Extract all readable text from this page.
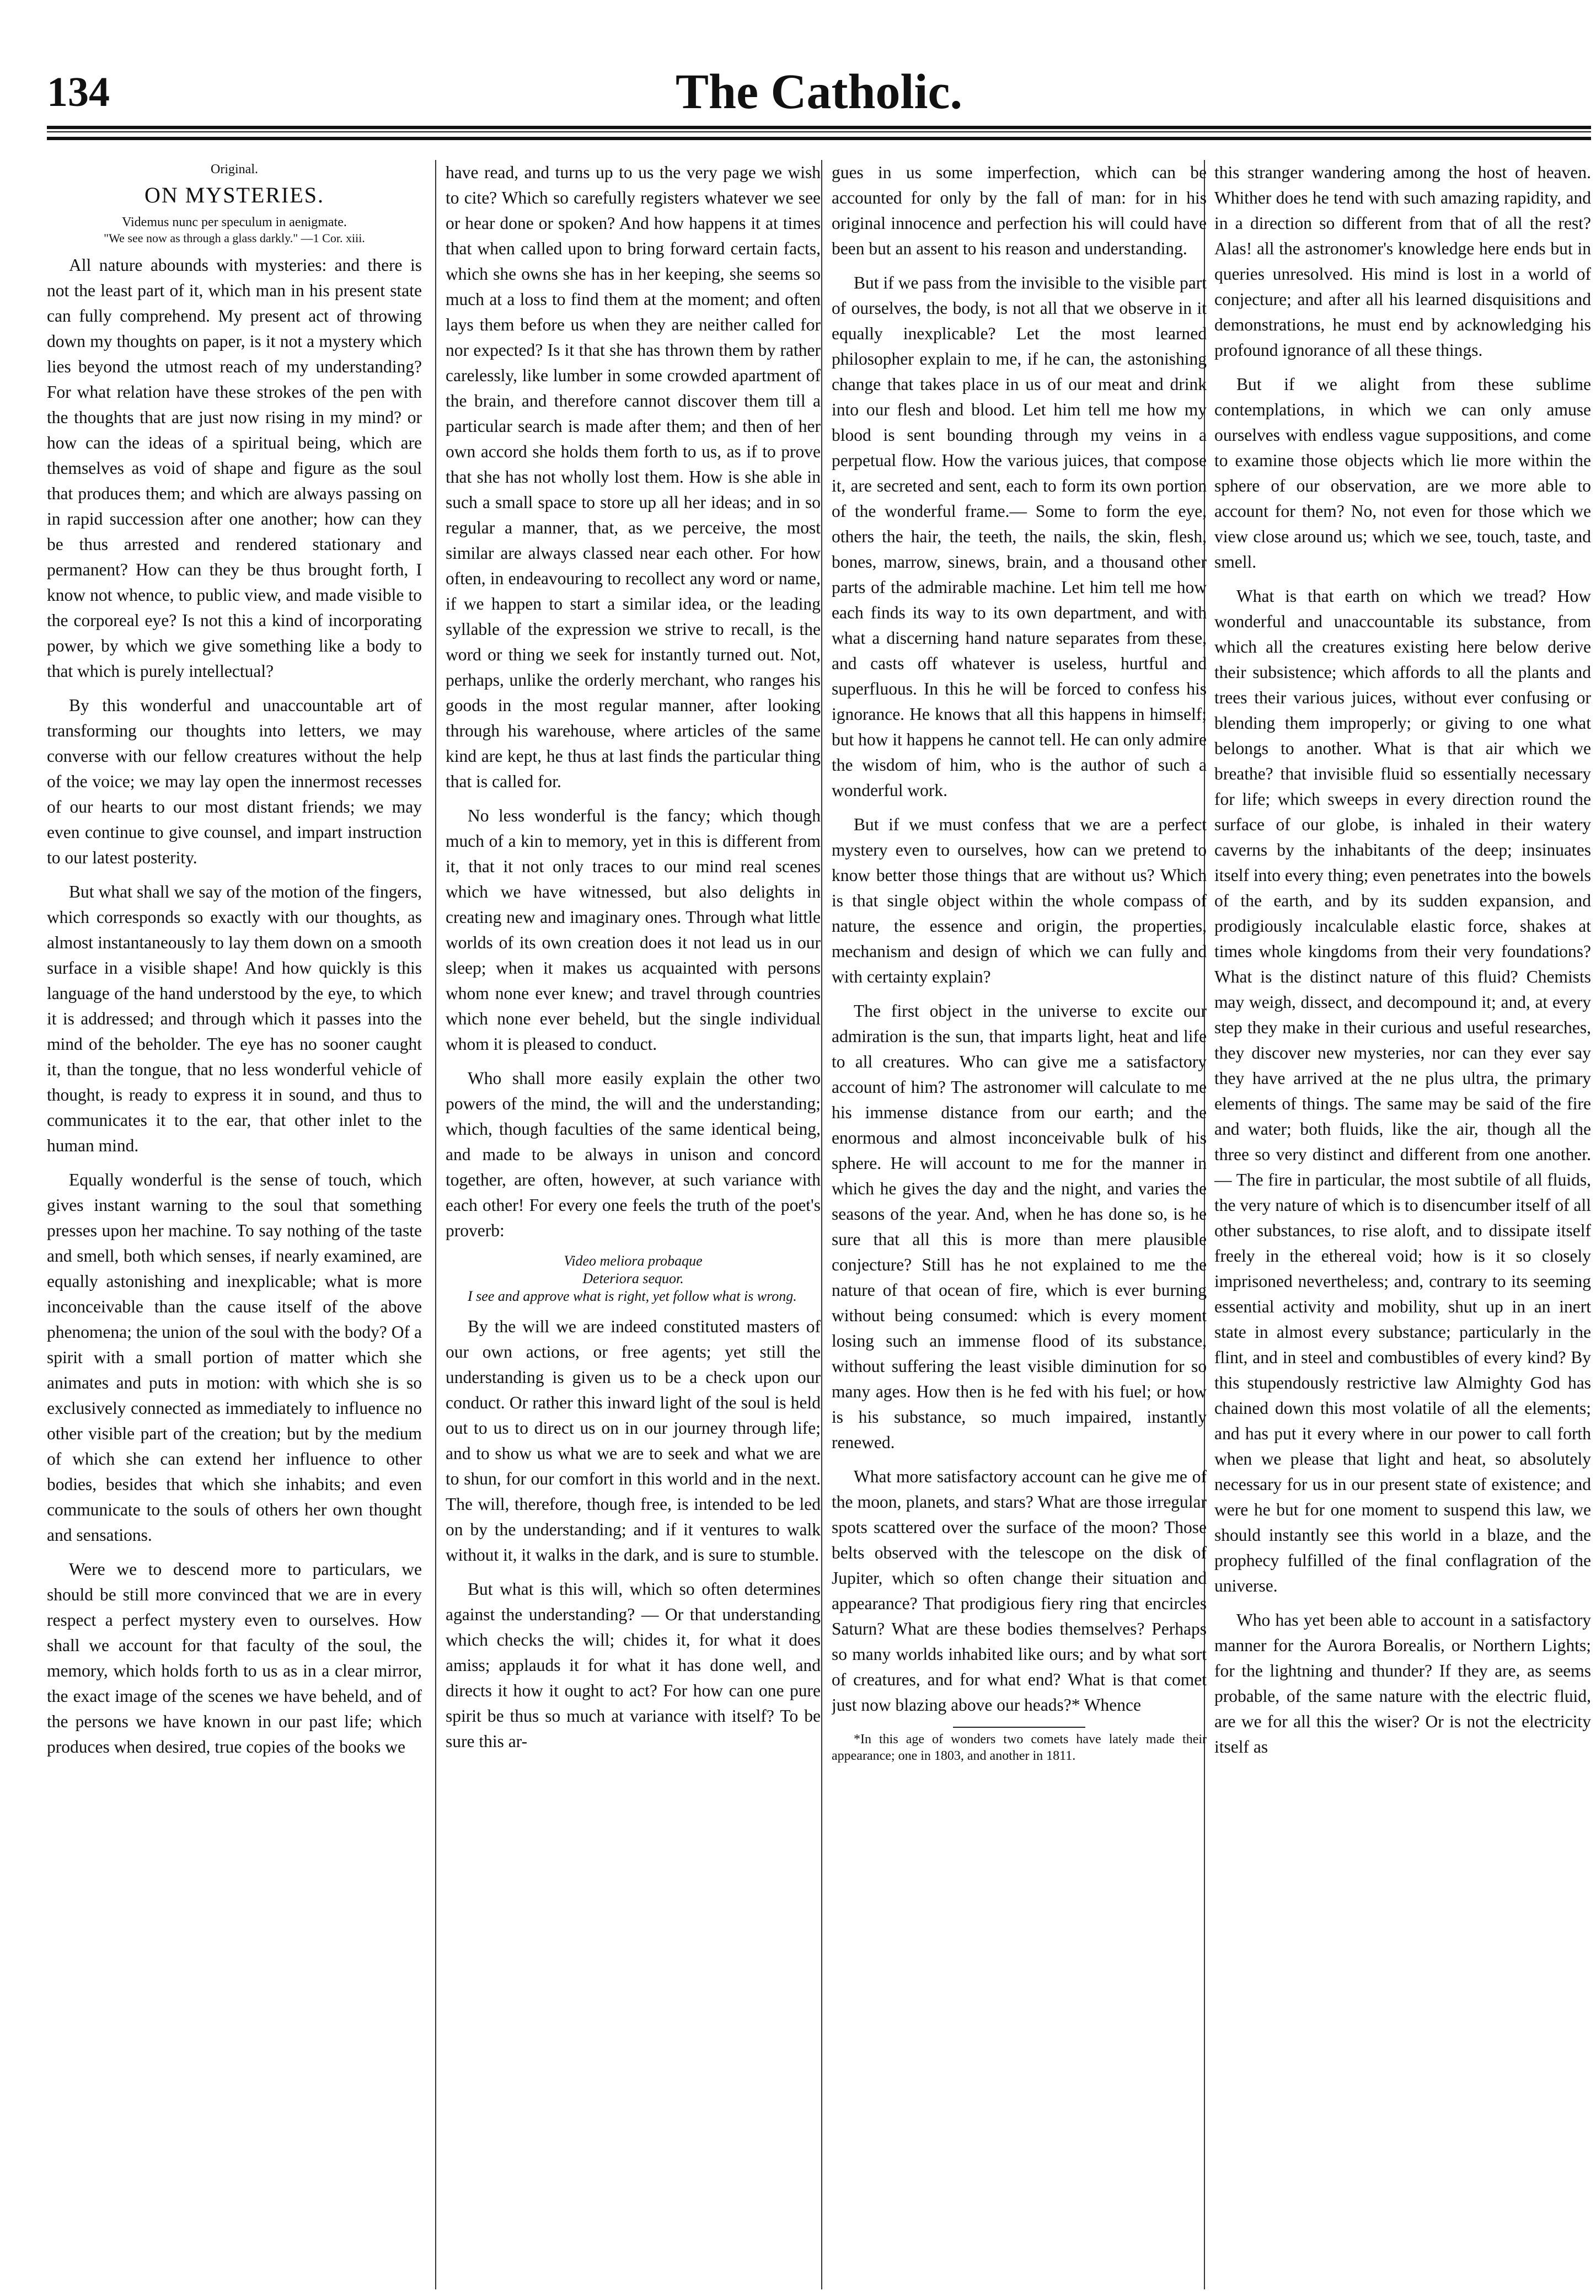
134	The Catholic.
Original.
ON MYSTERIES.
Videmus nunc per speculum in aenigmate.
"We see now as through a glass darkly." —1 Cor. xiii.

All nature abounds with mysteries: and there is not the least part of it, which man in his present state can fully comprehend. My present act of throwing down my thoughts on paper, is it not a mystery which lies beyond the utmost reach of my understanding? For what relation have these strokes of the pen with the thoughts that are just now rising in my mind? or how can the ideas of a spiritual being, which are themselves as void of shape and figure as the soul that produces them; and which are always passing on in rapid succession after one another; how can they be thus arrested and rendered stationary and permanent? How can they be thus brought forth, I know not whence, to public view, and made visible to the corporeal eye? Is not this a kind of incorporating power, by which we give something like a body to that which is purely intellectual?

By this wonderful and unaccountable art of transforming our thoughts into letters, we may converse with our fellow creatures without the help of the voice; we may lay open the innermost recesses of our hearts to our most distant friends; we may even continue to give counsel, and impart instruction to our latest posterity.

But what shall we say of the motion of the fingers, which corresponds so exactly with our thoughts, as almost instantaneously to lay them down on a smooth surface in a visible shape! And how quickly is this language of the hand understood by the eye, to which it is addressed; and through which it passes into the mind of the beholder. The eye has no sooner caught it, than the tongue, that no less wonderful vehicle of thought, is ready to express it in sound, and thus to communicates it to the ear, that other inlet to the human mind.

Equally wonderful is the sense of touch, which gives instant warning to the soul that something presses upon her machine. To say nothing of the taste and smell, both which senses, if nearly examined, are equally astonishing and inexplicable; what is more inconceivable than the cause itself of the above phenomena; the union of the soul with the body? Of a spirit with a small portion of matter which she animates and puts in motion: with which she is so exclusively connected as immediately to influence no other visible part of the creation; but by the medium of which she can extend her influence to other bodies, besides that which she inhabits; and even communicate to the souls of others her own thought and sensations.

Were we to descend more to particulars, we should be still more convinced that we are in every respect a perfect mystery even to ourselves. How shall we account for that faculty of the soul, the memory, which holds forth to us as in a clear mirror, the exact image of the scenes we have beheld, and of the persons we have known in our past life; which produces when desired, true copies of the books we

have read, and turns up to us the very page we wish to cite? Which so carefully registers whatever we see or hear done or spoken? And how happens it at times that when called upon to bring forward certain facts, which she owns she has in her keeping, she seems so much at a loss to find them at the moment; and often lays them before us when they are neither called for nor expected? Is it that she has thrown them by rather carelessly, like lumber in some crowded apartment of the brain, and therefore cannot discover them till a particular search is made after them; and then of her own accord she holds them forth to us, as if to prove that she has not wholly lost them. How is she able in such a small space to store up all her ideas; and in so regular a manner, that, as we perceive, the most similar are always classed near each other. For how often, in endeavouring to recollect any word or name, if we happen to start a similar idea, or the leading syllable of the expression we strive to recall, is the word or thing we seek for instantly turned out. Not, perhaps, unlike the orderly merchant, who ranges his goods in the most regular manner, after looking through his warehouse, where articles of the same kind are kept, he thus at last finds the particular thing that is called for.

No less wonderful is the fancy; which though much of a kin to memory, yet in this is different from it, that it not only traces to our mind real scenes which we have witnessed, but also delights in creating new and imaginary ones. Through what little worlds of its own creation does it not lead us in our sleep; when it makes us acquainted with persons whom none ever knew; and travel through countries which none ever beheld, but the single individual whom it is pleased to conduct.

Who shall more easily explain the other two powers of the mind, the will and the understanding; which, though faculties of the same identical being, and made to be always in unison and concord together, are often, however, at such variance with each other! For every one feels the truth of the poet's proverb:

Video meliora probaque
Deteriora sequor.

I see and approve what is right, yet follow what is wrong.

By the will we are indeed constituted masters of our own actions, or free agents; yet still the understanding is given us to be a check upon our conduct. Or rather this inward light of the soul is held out to us to direct us on in our journey through life; and to show us what we are to seek and what we are to shun, for our comfort in this world and in the next. The will, therefore, though free, is intended to be led on by the understanding; and if it ventures to walk without it, it walks in the dark, and is sure to stumble.

But what is this will, which so often determines against the understanding? — Or that understanding which checks the will; chides it, for what it does amiss; applauds it for what it has done well, and directs it how it ought to act? For how can one pure spirit be thus so much at variance with itself? To be sure this ar-

gues in us some imperfection, which can be accounted for only by the fall of man: for in his original innocence and perfection his will could have been but an assent to his reason and understanding.

But if we pass from the invisible to the visible part of ourselves, the body, is not all that we observe in it equally inexplicable? Let the most learned philosopher explain to me, if he can, the astonishing change that takes place in us of our meat and drink into our flesh and blood. Let him tell me how my blood is sent bounding through my veins in a perpetual flow. How the various juices, that compose it, are secreted and sent, each to form its own portion of the wonderful frame.— Some to form the eye, others the hair, the teeth, the nails, the skin, flesh, bones, marrow, sinews, brain, and a thousand other parts of the admirable machine. Let him tell me how each finds its way to its own department, and with what a discerning hand nature separates from these, and casts off whatever is useless, hurtful and superfluous. In this he will be forced to confess his ignorance. He knows that all this happens in himself; but how it happens he cannot tell. He can only admire the wisdom of him, who is the author of such a wonderful work.

But if we must confess that we are a perfect mystery even to ourselves, how can we pretend to know better those things that are without us? Which is that single object within the whole compass of nature, the essence and origin, the properties, mechanism and design of which we can fully and with certainty explain?

The first object in the universe to excite our admiration is the sun, that imparts light, heat and life to all creatures. Who can give me a satisfactory account of him? The astronomer will calculate to me his immense distance from our earth; and the enormous and almost inconceivable bulk of his sphere. He will account to me for the manner in which he gives the day and the night, and varies the seasons of the year. And, when he has done so, is he sure that all this is more than mere plausible conjecture? Still has he not explained to me the nature of that ocean of fire, which is ever burning without being consumed: which is every moment losing such an immense flood of its substance, without suffering the least visible diminution for so many ages. How then is he fed with his fuel; or how is his substance, so much impaired, instantly renewed.

What more satisfactory account can he give me of the moon, planets, and stars? What are those irregular spots scattered over the surface of the moon? Those belts observed with the telescope on the disk of Jupiter, which so often change their situation and appearance? That prodigious fiery ring that encircles Saturn? What are these bodies themselves? Perhaps so many worlds inhabited like ours; and by what sort of creatures, and for what end? What is that comet just now blazing above our heads?* Whence

*In this age of wonders two comets have lately made their appearance; one in 1803, and another in 1811.

this stranger wandering among the host of heaven. Whither does he tend with such amazing rapidity, and in a direction so different from that of all the rest? Alas! all the astronomer's knowledge here ends but in queries unresolved. His mind is lost in a world of conjecture; and after all his learned disquisitions and demonstrations, he must end by acknowledging his profound ignorance of all these things.

But if we alight from these sublime contemplations, in which we can only amuse ourselves with endless vague suppositions, and come to examine those objects which lie more within the sphere of our observation, are we more able to account for them? No, not even for those which we view close around us; which we see, touch, taste, and smell.

What is that earth on which we tread? How wonderful and unaccountable its substance, from which all the creatures existing here below derive their subsistence; which affords to all the plants and trees their various juices, without ever confusing or blending them improperly; or giving to one what belongs to another. What is that air which we breathe? that invisible fluid so essentially necessary for life; which sweeps in every direction round the surface of our globe, is inhaled in their watery caverns by the inhabitants of the deep; insinuates itself into every thing; even penetrates into the bowels of the earth, and by its sudden expansion, and prodigiously incalculable elastic force, shakes at times whole kingdoms from their very foundations? What is the distinct nature of this fluid? Chemists may weigh, dissect, and decompound it; and, at every step they make in their curious and useful researches, they discover new mysteries, nor can they ever say they have arrived at the ne plus ultra, the primary elements of things. The same may be said of the fire and water; both fluids, like the air, though all the three so very distinct and different from one another.— The fire in particular, the most subtile of all fluids, the very nature of which is to disencumber itself of all other substances, to rise aloft, and to dissipate itself freely in the ethereal void; how is it so closely imprisoned nevertheless; and, contrary to its seeming essential activity and mobility, shut up in an inert state in almost every substance; particularly in the flint, and in steel and combustibles of every kind? By this stupendously restrictive law Almighty God has chained down this most volatile of all the elements; and has put it every where in our power to call forth when we please that light and heat, so absolutely necessary for us in our present state of existence; and were he but for one moment to suspend this law, we should instantly see this world in a blaze, and the prophecy fulfilled of the final conflagration of the universe.

Who has yet been able to account in a satisfactory manner for the Aurora Borealis, or Northern Lights; for the lightning and thunder? If they are, as seems probable, of the same nature with the electric fluid, are we for all this the wiser? Or is not the electricity itself as
